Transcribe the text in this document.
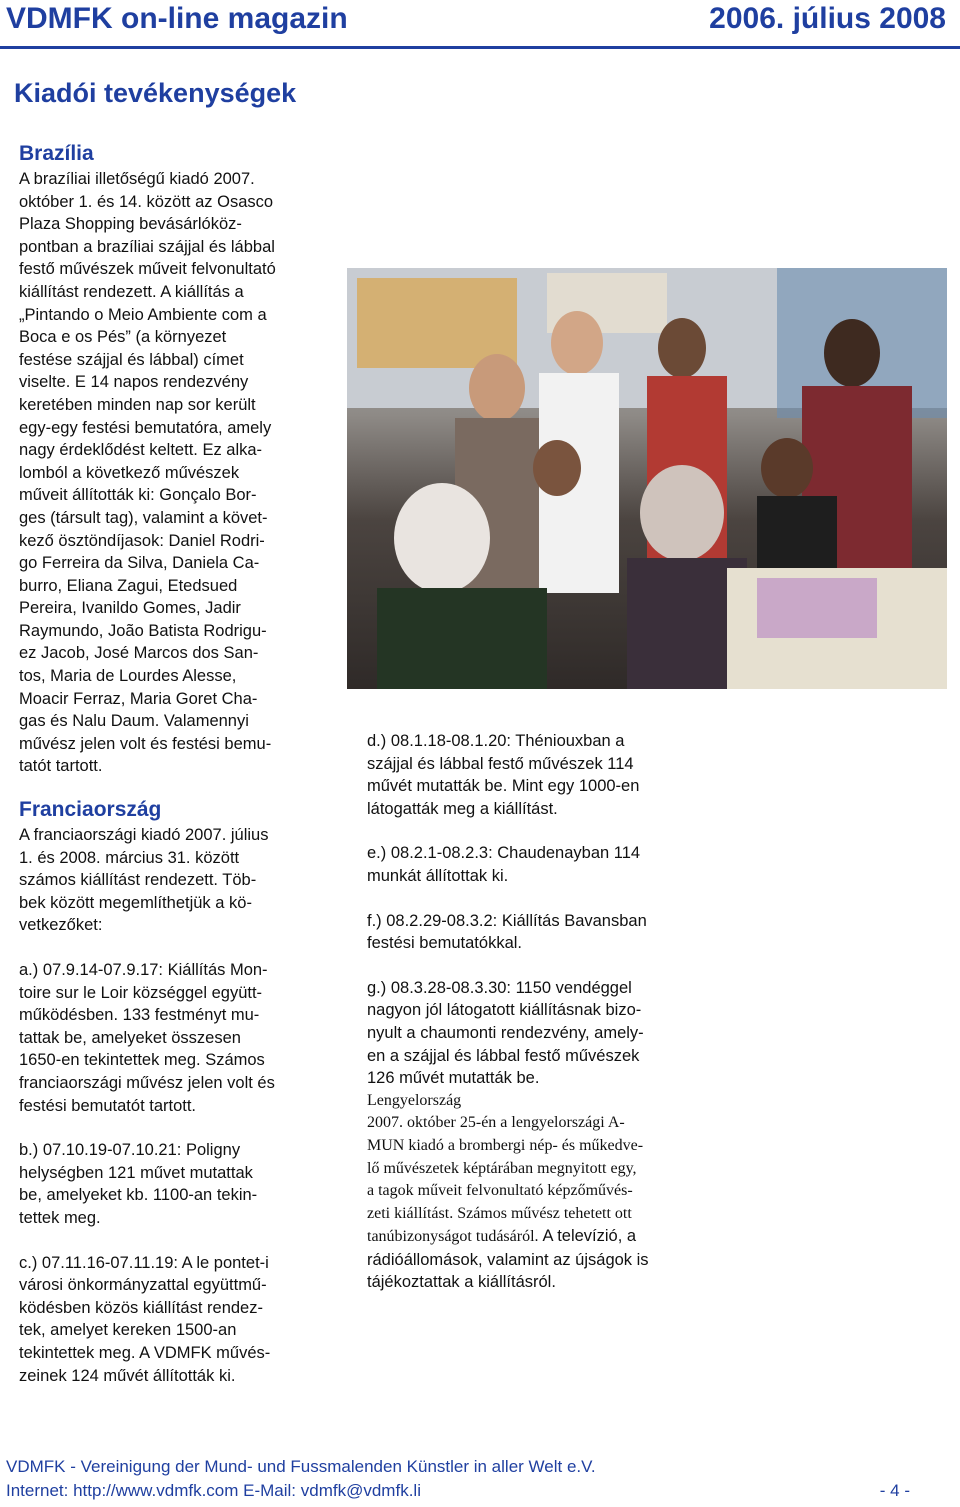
VDMFK on-line magazin	2006. július 2008
Kiadói tevékenységek
Brazília
A brazíliai illetőségű kiadó 2007.
október 1. és 14. között az Osasco
Plaza Shopping bevásárlóköz-
pontban a brazíliai szájjal és lábbal
festő művészek műveit felvonultató
kiállítást rendezett. A kiállítás a
„Pintando o Meio Ambiente com a
Boca e os Pés” (a környezet
festése szájjal és lábbal) címet
viselte. E 14 napos rendezvény
keretében minden nap sor került
egy-egy festési bemutatóra, amely
nagy érdeklődést keltett. Ez alka-
lomból a következő művészek
műveit állították ki: Gonçalo Bor-
ges (társult tag), valamint a követ-
kező ösztöndíjasok: Daniel Rodri-
go Ferreira da Silva, Daniela Ca-
burro, Eliana Zagui, Etedsued
Pereira, Ivanildo Gomes, Jadir
Raymundo, João Batista Rodrigu-
ez Jacob, José Marcos dos San-
tos, Maria de Lourdes Alesse,
Moacir Ferraz, Maria Goret Cha-
gas és Nalu Daum. Valamennyi
művész jelen volt és festési bemu-
tatót tartott.
Franciaország
A franciaországi kiadó 2007. július
1. és 2008. március 31. között
számos kiállítást rendezett. Töb-
bek között megemlíthetjük a kö-
vetkezőket:
a.) 07.9.14-07.9.17: Kiállítás Mon-
toire sur le Loir községgel együtt-
működésben. 133 festményt mu-
tattak be, amelyeket összesen
1650-en tekintettek meg. Számos
franciaországi művész jelen volt és
festési bemutatót tartott.
b.) 07.10.19-07.10.21: Poligny
helységben 121 művet mutattak
be, amelyeket kb. 1100-an tekin-
tettek meg.
c.) 07.11.16-07.11.19: A le pontet-i
városi önkormányzattal együttmű-
ködésben közös kiállítást rendez-
tek, amelyet kereken 1500-an
tekintettek meg. A VDMFK művés-
zeinek 124 művét állították ki.
d.) 08.1.18-08.1.20: Théniouxban a
szájjal és lábbal festő művészek 114
művét mutatták be. Mint egy 1000-en
látogatták meg a kiállítást.
e.) 08.2.1-08.2.3: Chaudenayban 114
munkát állítottak ki.
f.) 08.2.29-08.3.2: Kiállítás Bavansban
festési bemutatókkal.
g.) 08.3.28-08.3.30: 1150 vendéggel
nagyon jól látogatott kiállításnak bizo-
nyult a chaumonti rendezvény, amely-
en a szájjal és lábbal festő művészek
126 művét mutatták be.
Lengyelország
2007. október 25-én a lengyelországi A-
MUN kiadó a brombergi nép- és műkedve-
lő művészetek képtárában megnyitott egy,
a tagok műveit felvonultató képzőművés-
zeti kiállítást. Számos művész tehetett ott
tanúbizonyságot tudásáról. A televízió, a
rádióállomások, valamint az újságok is
tájékoztattak a kiállításról.
VDMFK - Vereinigung der Mund- und Fussmalenden Künstler in aller Welt e.V.
Internet: http://www.vdmfk.com E-Mail: vdmfk@vdmfk.li	- 4 -
